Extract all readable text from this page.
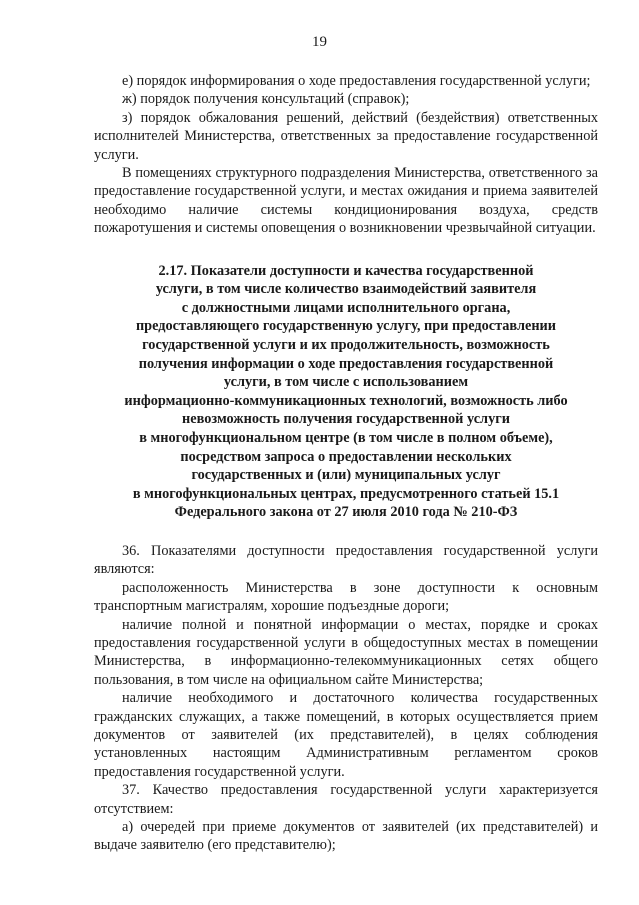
19

е) порядок информирования о ходе предоставления государственной услуги;

ж) порядок получения консультаций (справок);

з) порядок обжалования решений, действий (бездействия) ответственных исполнителей Министерства, ответственных за предоставление государственной услуги.

В помещениях структурного подразделения Министерства, ответственного за предоставление государственной услуги, и местах ожидания и приема заявителей необходимо наличие системы кондиционирования воздуха, средств пожаротушения и системы оповещения о возникновении чрезвычайной ситуации.

2.17. Показатели доступности и качества государственной

услуги, в том числе количество взаимодействий заявителя

с должностными лицами исполнительного органа,

предоставляющего государственную услугу, при предоставлении

государственной услуги и их продолжительность, возможность

получения информации о ходе предоставления государственной

услуги, в том числе с использованием

информационно-коммуникационных технологий, возможность либо

невозможность получения государственной услуги

в многофункциональном центре (в том числе в полном объеме),

посредством запроса о предоставлении нескольких

государственных и (или) муниципальных услуг

в многофункциональных центрах, предусмотренного статьей 15.1

Федерального закона от 27 июля 2010 года № 210-ФЗ

36. Показателями доступности предоставления государственной услуги являются:

расположенность Министерства в зоне доступности к основным транспортным магистралям, хорошие подъездные дороги;

наличие полной и понятной информации о местах, порядке и сроках предоставления государственной услуги в общедоступных местах в помещении Министерства, в информационно-телекоммуникационных сетях общего пользования, в том числе на официальном сайте Министерства;

наличие необходимого и достаточного количества государственных гражданских служащих, а также помещений, в которых осуществляется прием документов от заявителей (их представителей), в целях соблюдения установленных настоящим Административным регламентом сроков предоставления государственной услуги.

37. Качество предоставления государственной услуги характеризуется отсутствием:

а) очередей при приеме документов от заявителей (их представителей) и выдаче заявителю (его представителю);
